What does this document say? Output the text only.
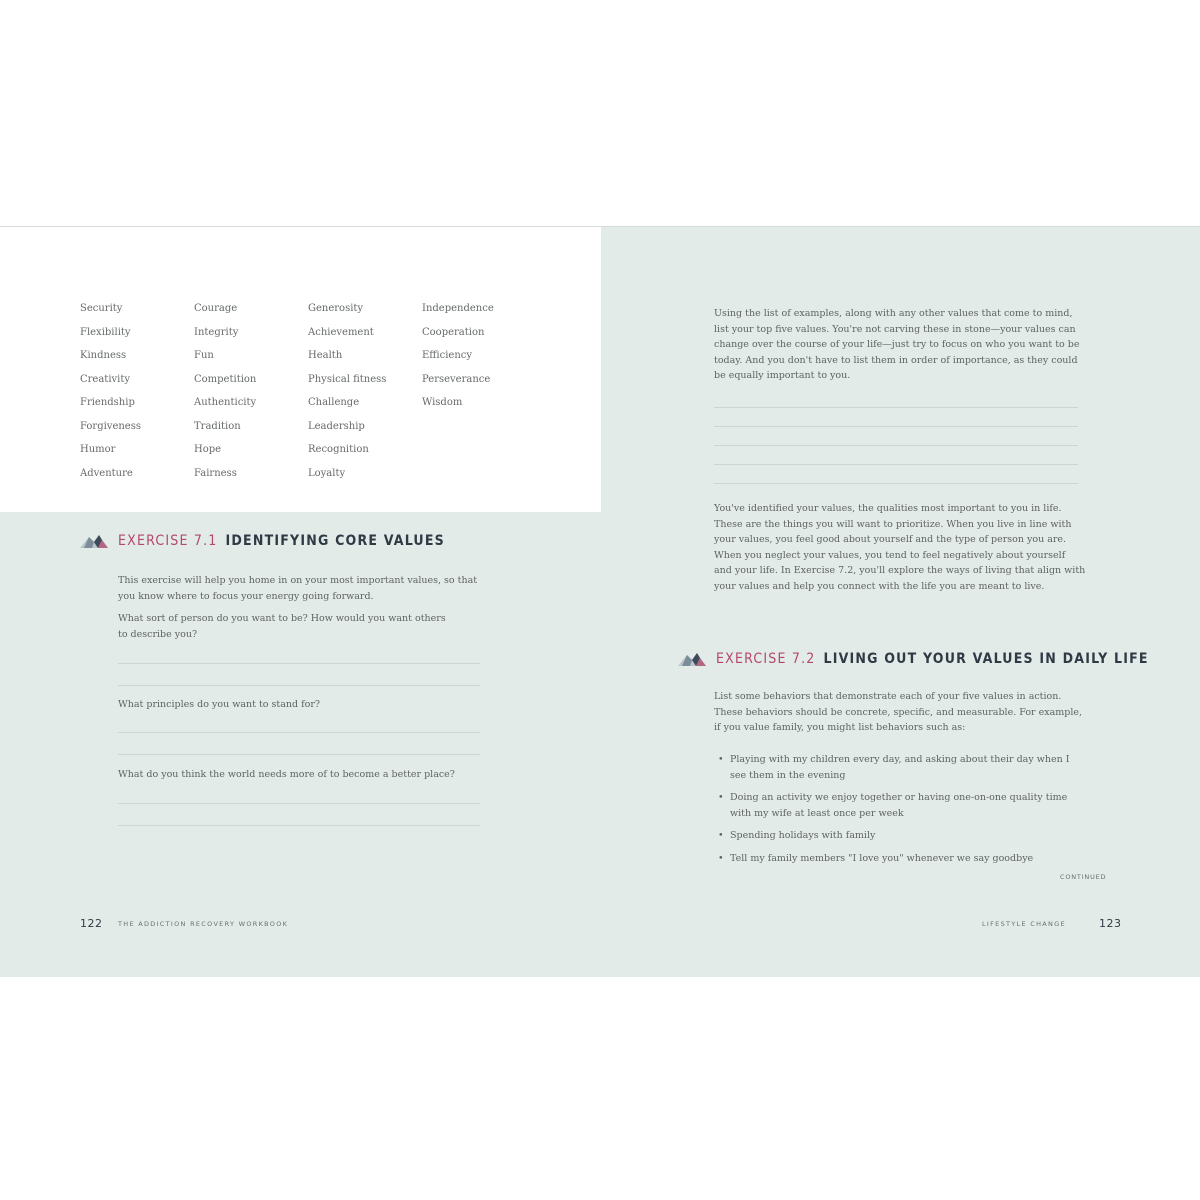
Security
Flexibility
Kindness
Creativity
Friendship
Forgiveness
Humor
Adventure
Courage
Integrity
Fun
Competition
Authenticity
Tradition
Hope
Fairness
Generosity
Achievement
Health
Physical fitness
Challenge
Leadership
Recognition
Loyalty
Independence
Cooperation
Efficiency
Perseverance
Wisdom
EXERCISE 7.1 IDENTIFYING CORE VALUES
This exercise will help you home in on your most important values, so that you know where to focus your energy going forward.
What sort of person do you want to be? How would you want others to describe you?
What principles do you want to stand for?
What do you think the world needs more of to become a better place?
Using the list of examples, along with any other values that come to mind, list your top five values. You're not carving these in stone—your values can change over the course of your life—just try to focus on who you want to be today. And you don't have to list them in order of importance, as they could be equally important to you.
You've identified your values, the qualities most important to you in life. These are the things you will want to prioritize. When you live in line with your values, you feel good about yourself and the type of person you are. When you neglect your values, you tend to feel negatively about yourself and your life. In Exercise 7.2, you'll explore the ways of living that align with your values and help you connect with the life you are meant to live.
EXERCISE 7.2 LIVING OUT YOUR VALUES IN DAILY LIFE
List some behaviors that demonstrate each of your five values in action. These behaviors should be concrete, specific, and measurable. For example, if you value family, you might list behaviors such as:
• Playing with my children every day, and asking about their day when I see them in the evening
• Doing an activity we enjoy together or having one-on-one quality time with my wife at least once per week
• Spending holidays with family
• Tell my family members "I love you" whenever we say goodbye
CONTINUED
122 THE ADDICTION RECOVERY WORKBOOK	LIFESTYLE CHANGE	123
